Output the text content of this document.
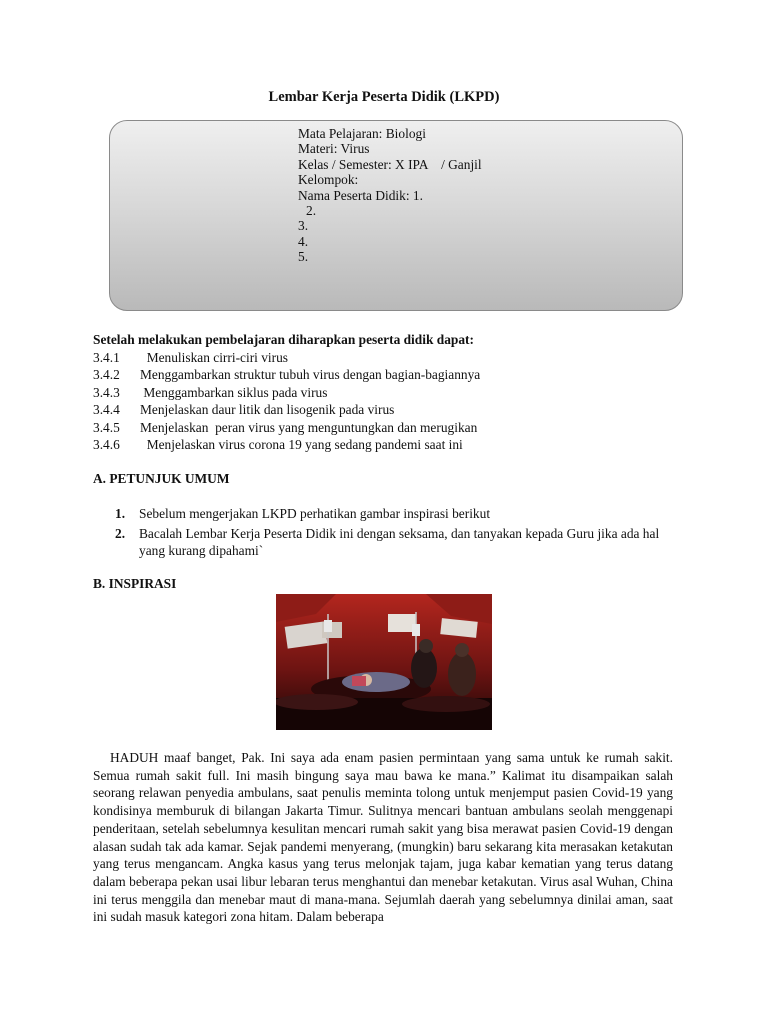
Lembar Kerja Peserta Didik (LKPD)
Mata Pelajaran: Biologi
Materi: Virus
Kelas / Semester: X IPA    / Ganjil
Kelompok:
Nama Peserta Didik: 1.
2.
3.
4.
5.
Setelah melakukan pembelajaran diharapkan peserta didik dapat:
3.4.1	Menuliskan cirri-ciri virus
3.4.2	Menggambarkan struktur tubuh virus dengan bagian-bagiannya
3.4.3	Menggambarkan siklus pada virus
3.4.4	Menjelaskan daur litik dan lisogenik pada virus
3.4.5	Menjelaskan  peran virus yang menguntungkan dan merugikan
3.4.6	Menjelaskan virus corona 19 yang sedang pandemi saat ini
A. PETUNJUK UMUM
1.	Sebelum mengerjakan LKPD perhatikan gambar inspirasi berikut
2.	Bacalah Lembar Kerja Peserta Didik ini dengan seksama, dan tanyakan kepada Guru jika ada hal yang kurang dipahami`
B. INSPIRASI

HADUH maaf banget, Pak. Ini saya ada enam pasien permintaan yang sama untuk ke rumah sakit. Semua rumah sakit full. Ini masih bingung saya mau bawa ke mana.” Kalimat itu disampaikan salah seorang relawan penyedia ambulans, saat penulis meminta tolong untuk menjemput pasien Covid-19 yang kondisinya memburuk di bilangan Jakarta Timur. Sulitnya mencari bantuan ambulans seolah menggenapi penderitaan, setelah sebelumnya kesulitan mencari rumah sakit yang bisa merawat pasien Covid-19 dengan alasan sudah tak ada kamar. Sejak pandemi menyerang, (mungkin) baru sekarang kita merasakan ketakutan yang terus mengancam. Angka kasus yang terus melonjak tajam, juga kabar kematian yang terus datang dalam beberapa pekan usai libur lebaran terus menghantui dan menebar ketakutan. Virus asal Wuhan, China ini terus menggila dan menebar maut di mana-mana. Sejumlah daerah yang sebelumnya dinilai aman, saat ini sudah masuk kategori zona hitam. Dalam beberapa
